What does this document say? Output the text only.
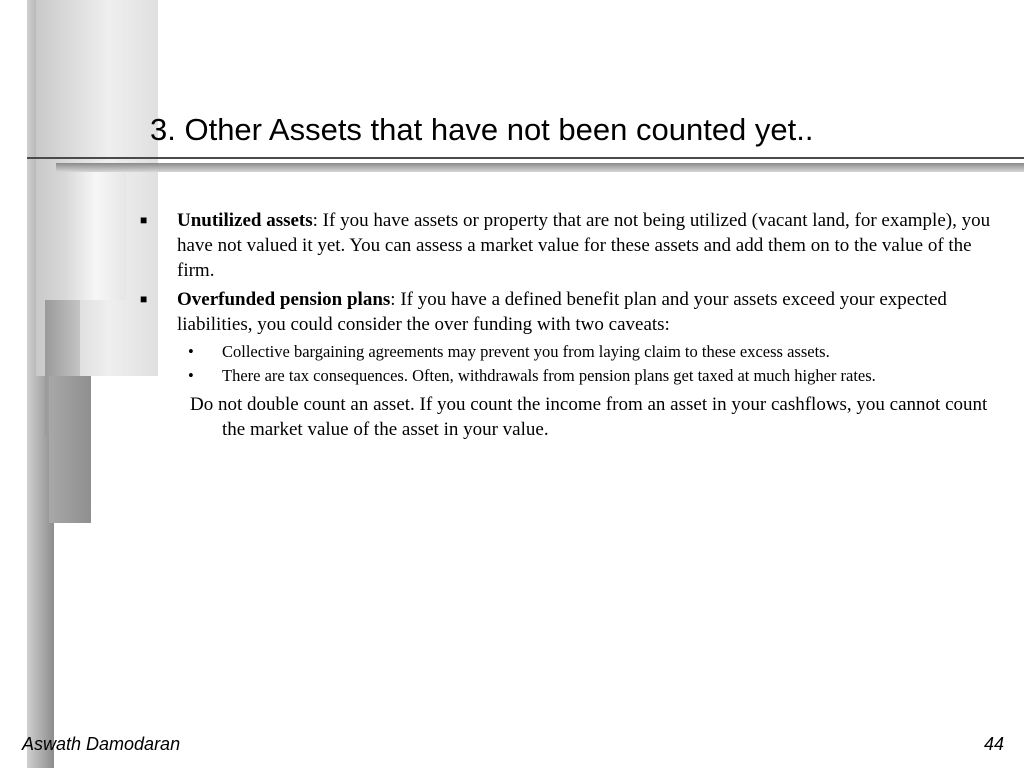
3. Other Assets that have not been counted yet..
■ Unutilized assets: If you have assets or property that are not being utilized (vacant land, for example), you have not valued it yet. You can assess a market value for these assets and add them on to the value of the firm.
■ Overfunded pension plans: If you have a defined benefit plan and your assets exceed your expected liabilities, you could consider the over funding with two caveats:
• Collective bargaining agreements may prevent you from laying claim to these excess assets.
• There are tax consequences. Often, withdrawals from pension plans get taxed at much higher rates.
Do not double count an asset. If you count the income from an asset in your cashflows, you cannot count the market value of the asset in your value.
Aswath Damodaran	44
